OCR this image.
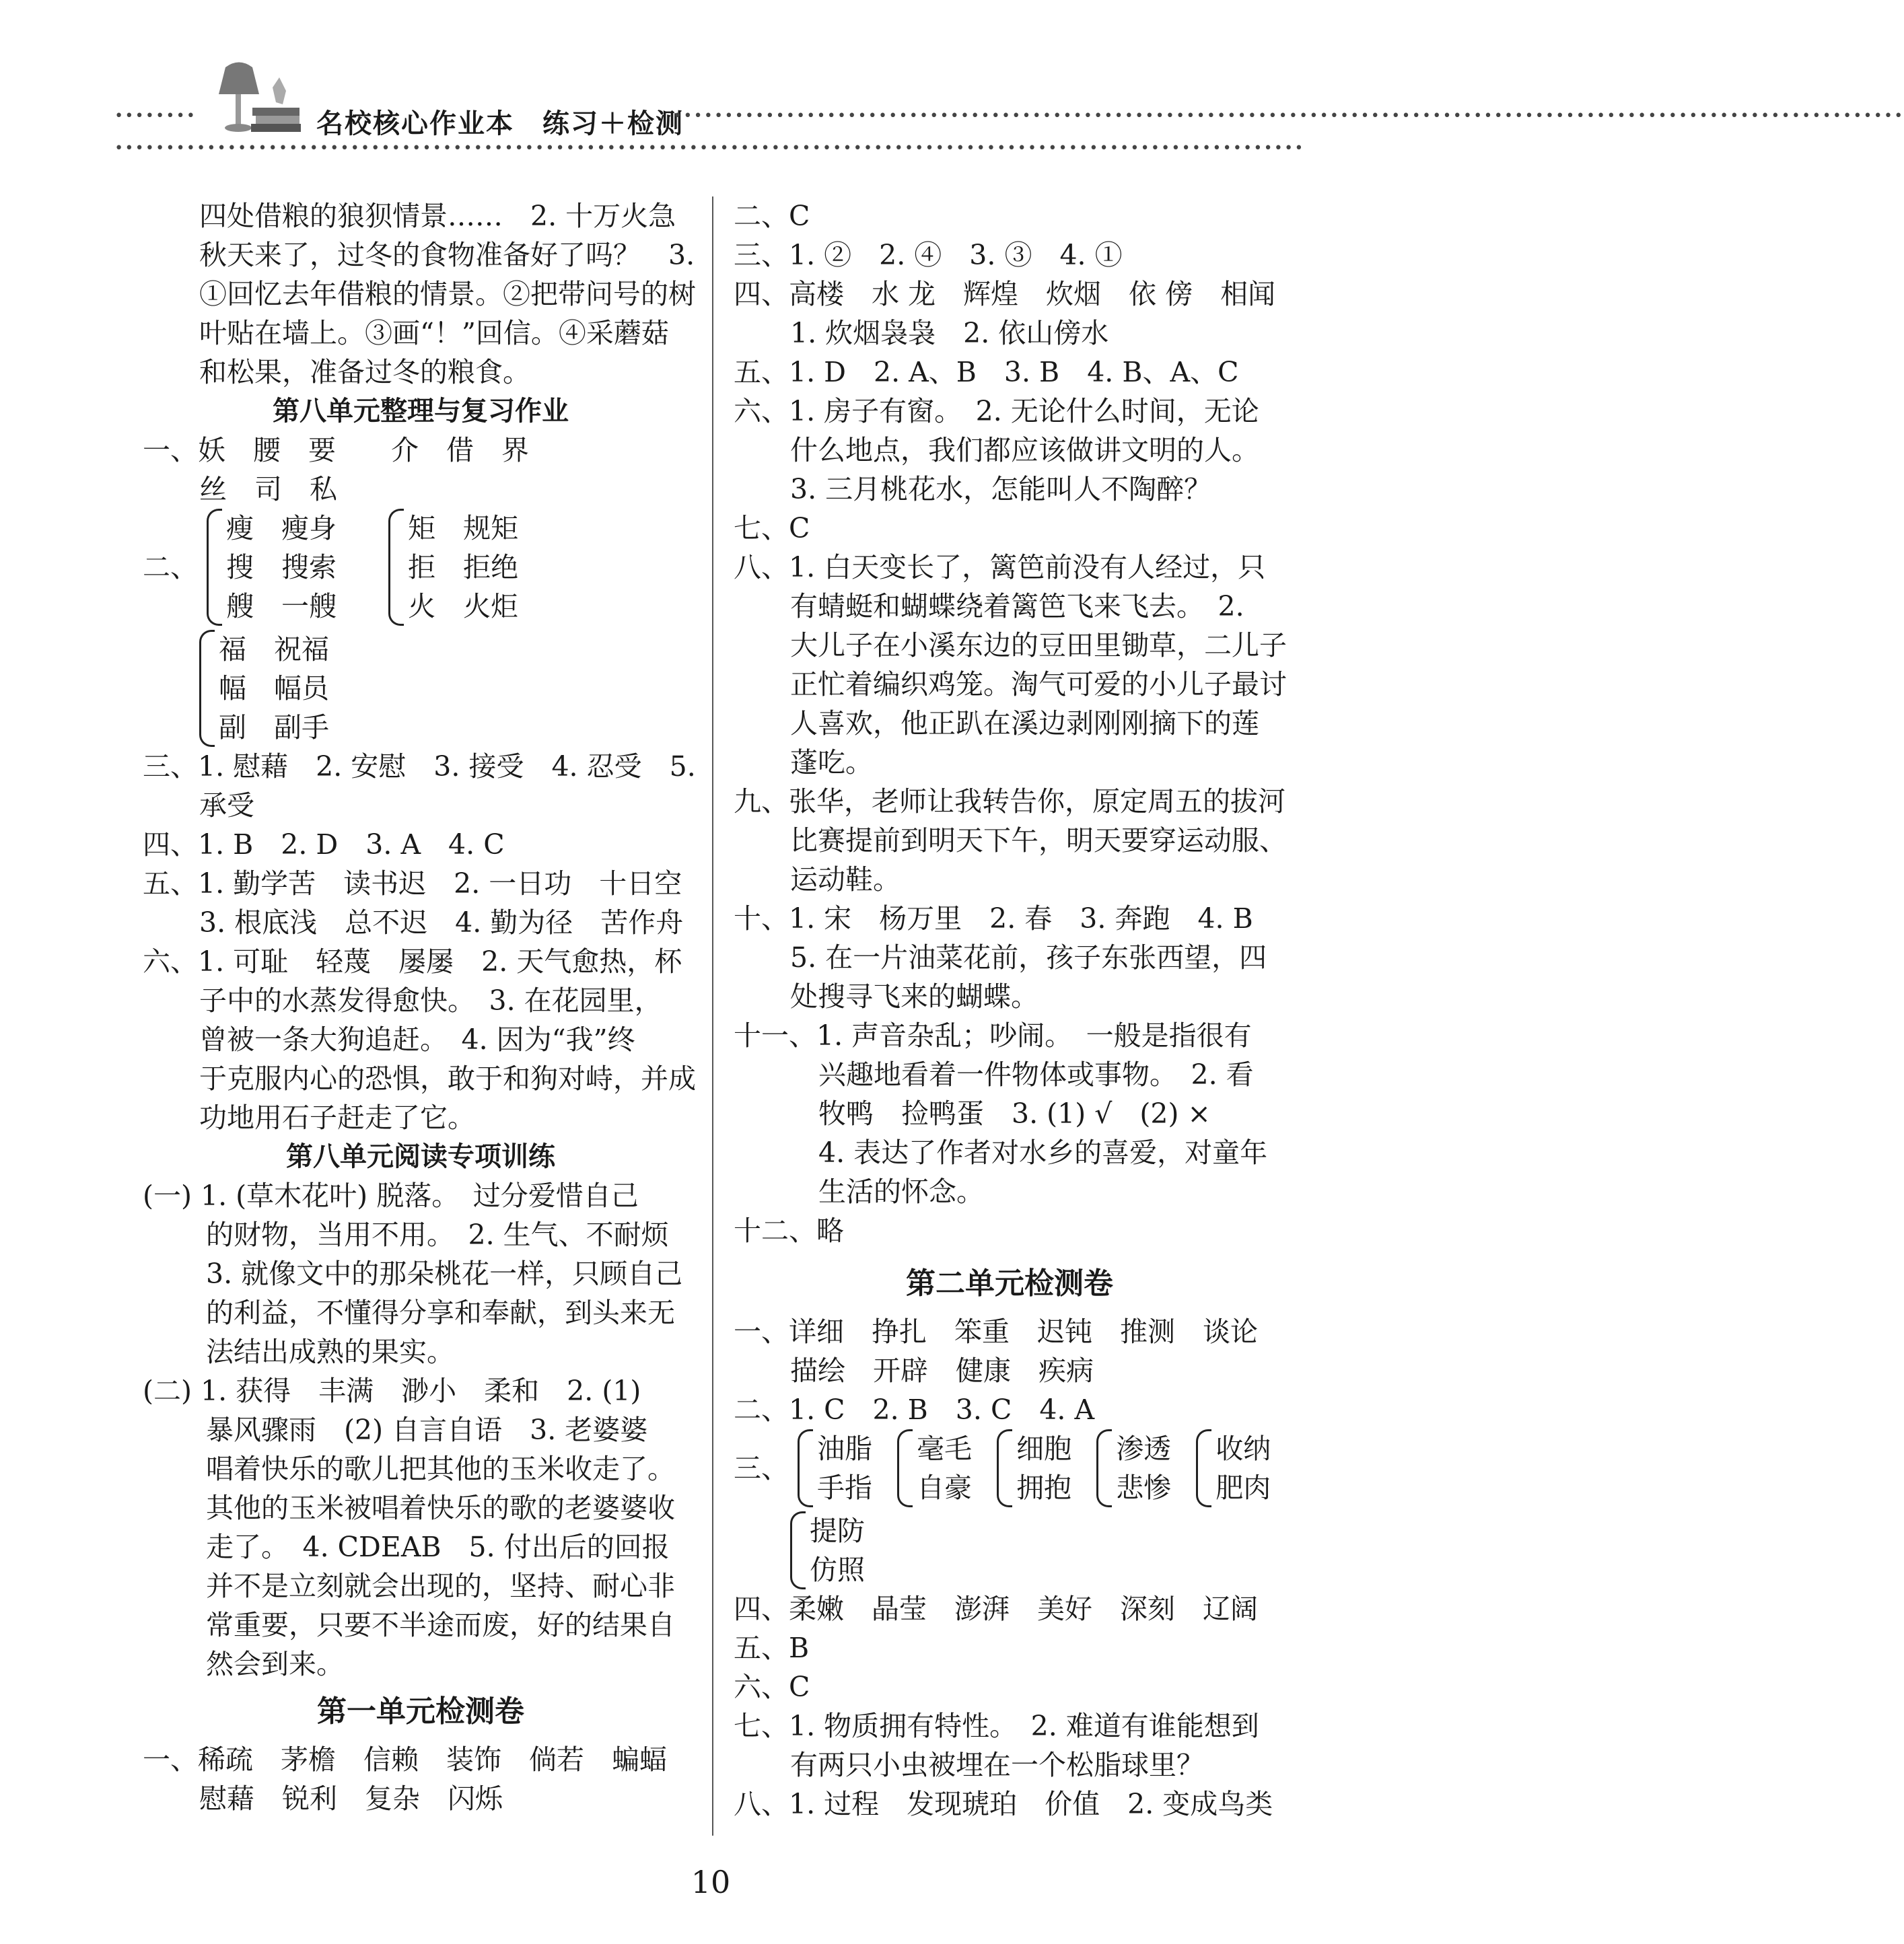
••••••••	名校核心作业本　练习＋检测
••••••••••••••••••••••••••••••••••••••••••••••••••••••••••••••••••••••••••••••••••••••••••••••••••••••••••••••••••••••••
••••••••••••••••••••••••••••••••••••••••••••••••••••••••••••••••••••••••••••••••••••••••••••••••••••••••••••••••••••
四处借粮的狼狈情景……　2. 十万火急
秋天来了，过冬的食物准备好了吗？　3.
①回忆去年借粮的情景。②把带问号的树
叶贴在墙上。③画“！”回信。④采蘑菇
和松果，准备过冬的粮食。
第八单元整理与复习作业
一、妖　腰　要　　介　借　界
丝　司　私
二、
瘦　瘦身
搜　搜索
艘　一艘

矩　规矩
拒　拒绝
火　火炬
福　祝福
幅　幅员
副　副手
三、1. 慰藉　2. 安慰　3. 接受　4. 忍受　5.
承受
四、1. B　2. D　3. A　4. C
五、1. 勤学苦　读书迟　2. 一日功　十日空
3. 根底浅　总不迟　4. 勤为径　苦作舟
六、1. 可耻　轻蔑　屡屡　2. 天气愈热，杯
子中的水蒸发得愈快。　3. 在花园里，
曾被一条大狗追赶。　4. 因为“我”终
于克服内心的恐惧，敢于和狗对峙，并成
功地用石子赶走了它。
第八单元阅读专项训练
(一) 1. (草木花叶) 脱落。　过分爱惜自己
的财物，当用不用。　2. 生气、不耐烦
3. 就像文中的那朵桃花一样，只顾自己
的利益，不懂得分享和奉献，到头来无
法结出成熟的果实。
(二) 1. 获得　丰满　渺小　柔和　2. (1)
暴风骤雨　(2) 自言自语　3. 老婆婆
唱着快乐的歌儿把其他的玉米收走了。
其他的玉米被唱着快乐的歌的老婆婆收
走了。　4. CDEAB　5. 付出后的回报
并不是立刻就会出现的，坚持、耐心非
常重要，只要不半途而废，好的结果自
然会到来。
第一单元检测卷
一、稀疏　茅檐　信赖　装饰　倘若　蝙蝠
慰藉　锐利　复杂　闪烁
二、C
三、1. ②　2. ④　3. ③　4. ①
四、高楼　水 龙　辉煌　炊烟　依 傍　相闻
1. 炊烟袅袅　2. 依山傍水
五、1. D　2. A、B　3. B　4. B、A、C
六、1. 房子有窗。　2. 无论什么时间，无论
什么地点，我们都应该做讲文明的人。
3. 三月桃花水，怎能叫人不陶醉？
七、C
八、1. 白天变长了，篱笆前没有人经过，只
有蜻蜓和蝴蝶绕着篱笆飞来飞去。　2.
大儿子在小溪东边的豆田里锄草，二儿子
正忙着编织鸡笼。淘气可爱的小儿子最讨
人喜欢，他正趴在溪边剥刚刚摘下的莲
蓬吃。
九、张华，老师让我转告你，原定周五的拔河
比赛提前到明天下午，明天要穿运动服、
运动鞋。
十、1. 宋　杨万里　2. 春　3. 奔跑　4. B
5. 在一片油菜花前，孩子东张西望，四
处搜寻飞来的蝴蝶。
十一、1. 声音杂乱；吵闹。　一般是指很有
兴趣地看着一件物体或事物。　2. 看
牧鸭　捡鸭蛋　3. (1) √　(2) ×
4. 表达了作者对水乡的喜爱，对童年
生活的怀念。
十二、略
第二单元检测卷
一、详细　挣扎　笨重　迟钝　推测　谈论
描绘　开辟　健康　疾病
二、1. C　2. B　3. C　4. A
三、
油脂
手指

毫毛
自豪

细胞
拥抱

渗透
悲惨

收纳
肥肉
提防
仿照
四、柔嫩　晶莹　澎湃　美好　深刻　辽阔
五、B
六、C
七、1. 物质拥有特性。　2. 难道有谁能想到
有两只小虫被埋在一个松脂球里？
八、1. 过程　发现琥珀　价值　2. 变成鸟类
10
